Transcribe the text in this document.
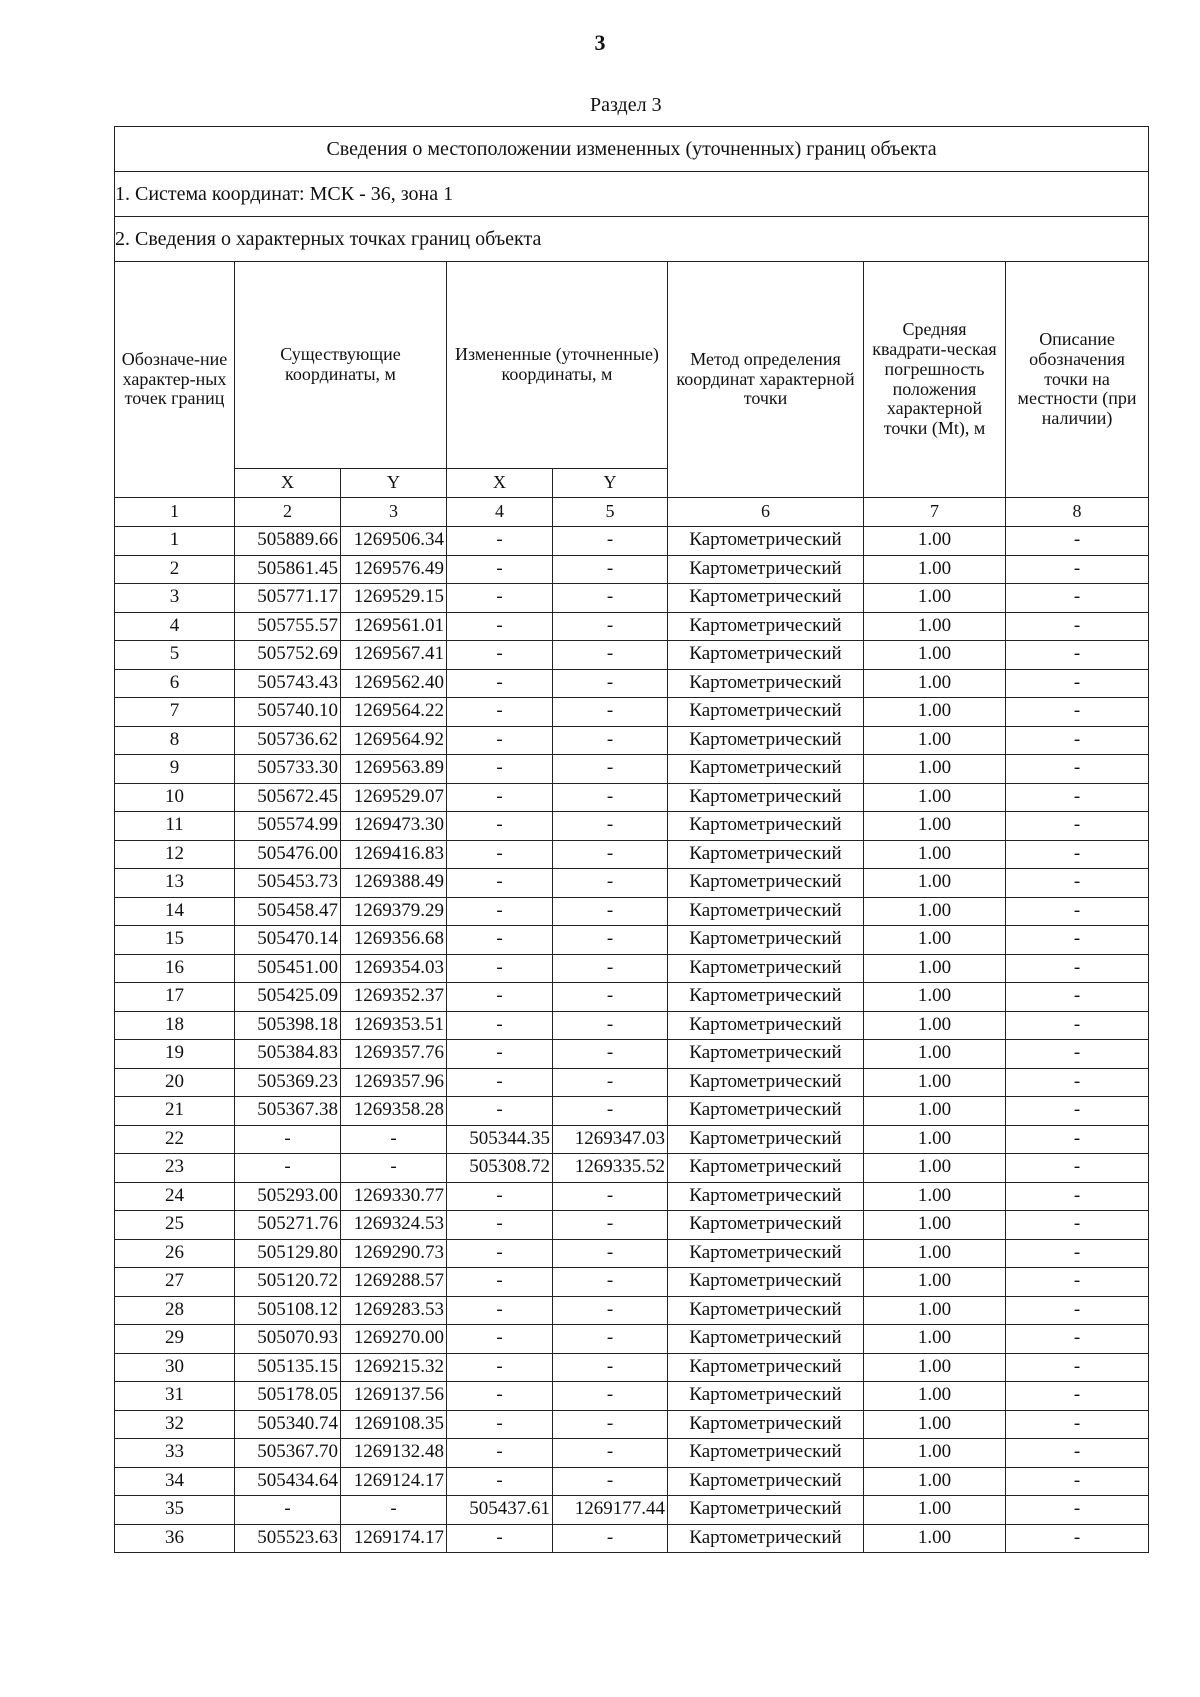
3
Раздел 3
Сведения о местоположении измененных (уточненных) границ объекта							
1. Система координат: МСК - 36, зона 1							
2. Сведения о характерных точках границ объекта							
Обозначе-ние характер-ных точек границ	Существующие координаты, м		Измененные (уточненные) координаты, м		Метод определения координат характерной точки	Средняя квадрати-ческая погрешность положения характерной точки (Mt), м	Описание обозначения точки на местности (при наличии)
	X	Y	X	Y			
1	2	3	4	5	6	7	8
1	505889.66	1269506.34	-	-	Картометрический	1.00	-
2	505861.45	1269576.49	-	-	Картометрический	1.00	-
3	505771.17	1269529.15	-	-	Картометрический	1.00	-
4	505755.57	1269561.01	-	-	Картометрический	1.00	-
5	505752.69	1269567.41	-	-	Картометрический	1.00	-
6	505743.43	1269562.40	-	-	Картометрический	1.00	-
7	505740.10	1269564.22	-	-	Картометрический	1.00	-
8	505736.62	1269564.92	-	-	Картометрический	1.00	-
9	505733.30	1269563.89	-	-	Картометрический	1.00	-
10	505672.45	1269529.07	-	-	Картометрический	1.00	-
11	505574.99	1269473.30	-	-	Картометрический	1.00	-
12	505476.00	1269416.83	-	-	Картометрический	1.00	-
13	505453.73	1269388.49	-	-	Картометрический	1.00	-
14	505458.47	1269379.29	-	-	Картометрический	1.00	-
15	505470.14	1269356.68	-	-	Картометрический	1.00	-
16	505451.00	1269354.03	-	-	Картометрический	1.00	-
17	505425.09	1269352.37	-	-	Картометрический	1.00	-
18	505398.18	1269353.51	-	-	Картометрический	1.00	-
19	505384.83	1269357.76	-	-	Картометрический	1.00	-
20	505369.23	1269357.96	-	-	Картометрический	1.00	-
21	505367.38	1269358.28	-	-	Картометрический	1.00	-
22	-	-	505344.35	1269347.03	Картометрический	1.00	-
23	-	-	505308.72	1269335.52	Картометрический	1.00	-
24	505293.00	1269330.77	-	-	Картометрический	1.00	-
25	505271.76	1269324.53	-	-	Картометрический	1.00	-
26	505129.80	1269290.73	-	-	Картометрический	1.00	-
27	505120.72	1269288.57	-	-	Картометрический	1.00	-
28	505108.12	1269283.53	-	-	Картометрический	1.00	-
29	505070.93	1269270.00	-	-	Картометрический	1.00	-
30	505135.15	1269215.32	-	-	Картометрический	1.00	-
31	505178.05	1269137.56	-	-	Картометрический	1.00	-
32	505340.74	1269108.35	-	-	Картометрический	1.00	-
33	505367.70	1269132.48	-	-	Картометрический	1.00	-
34	505434.64	1269124.17	-	-	Картометрический	1.00	-
35	-	-	505437.61	1269177.44	Картометрический	1.00	-
36	505523.63	1269174.17	-	-	Картометрический	1.00	-
